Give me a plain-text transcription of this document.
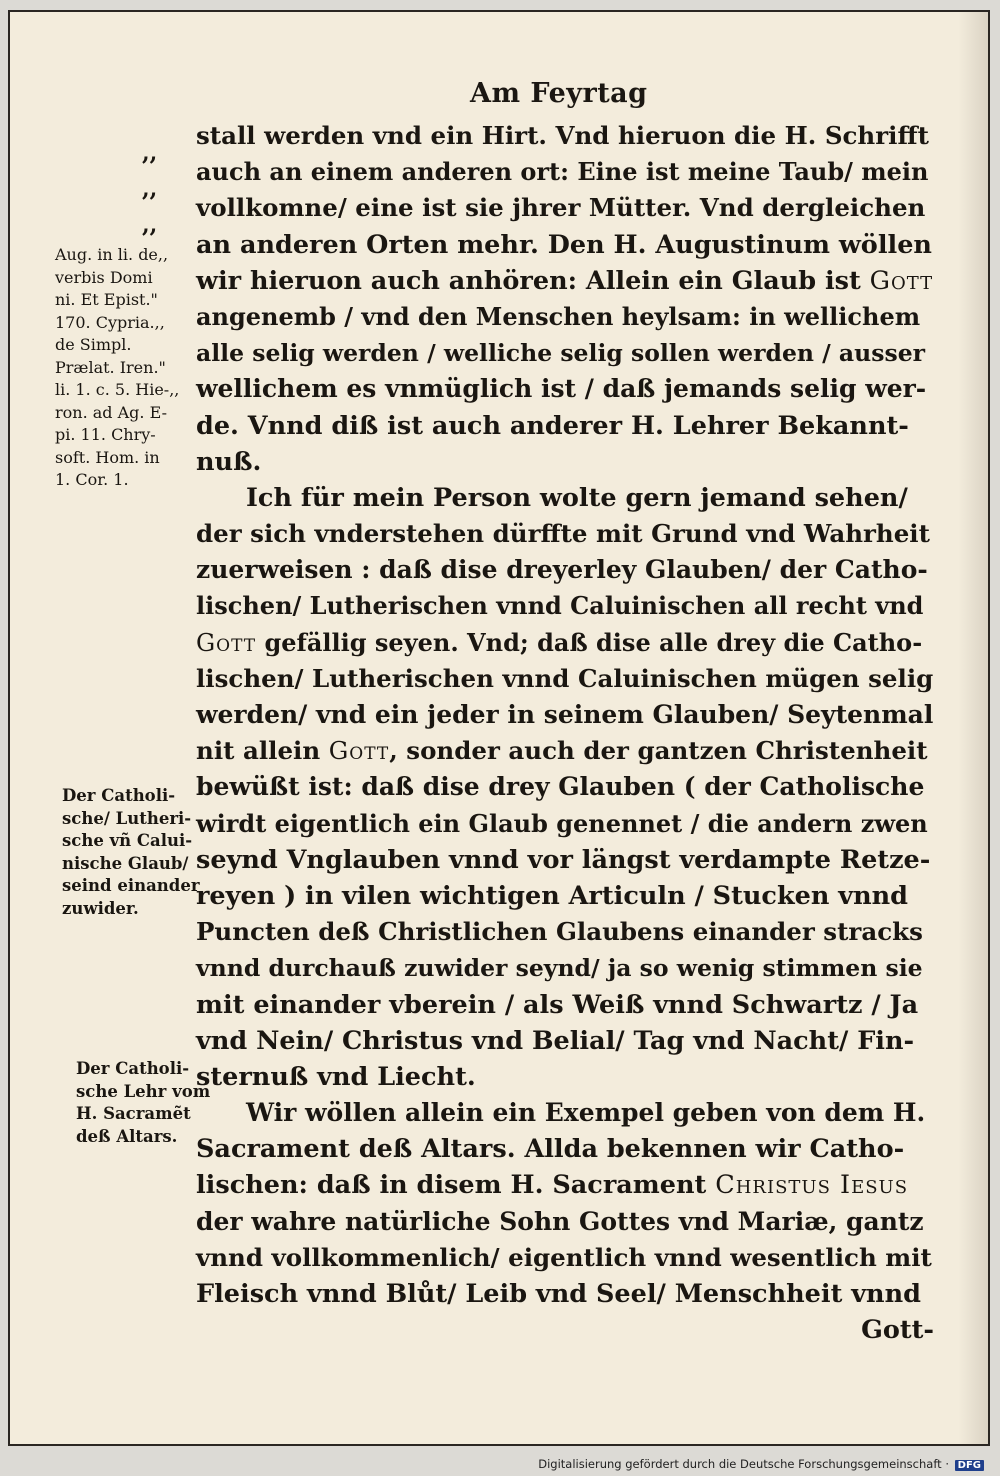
Am Feyrtag
,,
,,
,,
Aug. in li. de,,
verbis Domi
ni. Et Epist."
170. Cypria.,,
de Simpl.
Prælat. Iren."
li. 1. c. 5. Hie-,,
ron. ad Ag. E-
pi. 11. Chry-
soft. Hom. in
1. Cor. 1.
Der Catholi-
sche/ Lutheri-
sche vñ Calui-
nische Glaub/
seind einander
zuwider.
Der Catholi-
sche Lehr vom
H. Sacramẽt
deß Altars.
stall werden vnd ein Hirt. Vnd hieruon die H. Schrifft
auch an einem anderen ort: Eine ist meine Taub/ mein
vollkomne/ eine ist sie jhrer Mütter. Vnd dergleichen
an anderen Orten mehr. Den H. Augustinum wöllen
wir hieruon auch anhören: Allein ein Glaub ist Gott
angenemb / vnd den Menschen heylsam: in wellichem
alle selig werden / welliche selig sollen werden / ausser
wellichem es vnmüglich ist / daß jemands selig wer-
de. Vnnd diß ist auch anderer H. Lehrer Bekannt-
nuß.
Ich für mein Person wolte gern jemand sehen/
der sich vnderstehen dürffte mit Grund vnd Wahrheit
zuerweisen : daß dise dreyerley Glauben/ der Catho-
lischen/ Lutherischen vnnd Caluinischen all recht vnd
Gott gefällig seyen. Vnd; daß dise alle drey die Catho-
lischen/ Lutherischen vnnd Caluinischen mügen selig
werden/ vnd ein jeder in seinem Glauben/ Seytenmal
nit allein Gott, sonder auch der gantzen Christenheit
bewüßt ist: daß dise drey Glauben ( der Catholische
wirdt eigentlich ein Glaub genennet / die andern zwen
seynd Vnglauben vnnd vor längst verdampte Retze-
reyen ) in vilen wichtigen Articuln / Stucken vnnd
Puncten deß Christlichen Glaubens einander stracks
vnnd durchauß zuwider seynd/ ja so wenig stimmen sie
mit einander vberein / als Weiß vnnd Schwartz / Ja
vnd Nein/ Christus vnd Belial/ Tag vnd Nacht/ Fin-
sternuß vnd Liecht.
Wir wöllen allein ein Exempel geben von dem H.
Sacrament deß Altars. Allda bekennen wir Catho-
lischen: daß in disem H. Sacrament Christus Iesus
der wahre natürliche Sohn Gottes vnd Mariæ, gantz
vnnd vollkommenlich/ eigentlich vnnd wesentlich mit
Fleisch vnnd Blůt/ Leib vnd Seel/ Menschheit vnnd
Gott-
Digitalisierung gefördert durch die Deutsche Forschungsgemeinschaft · DFG
